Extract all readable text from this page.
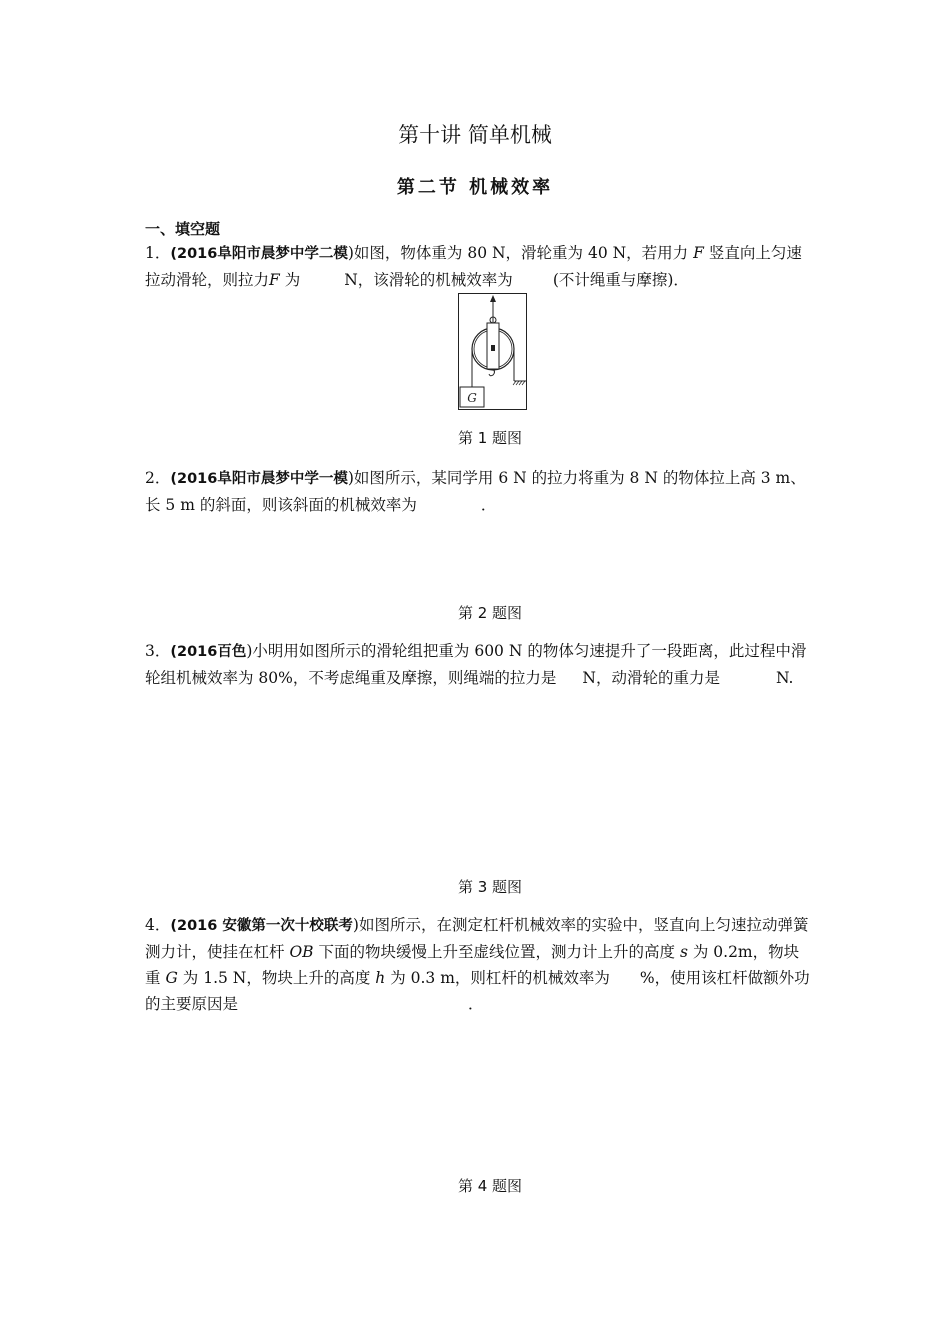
第十讲 简单机械
第二节 机械效率
一、填空题
1．(2016阜阳市晨梦中学二模)如图，物体重为 80 N，滑轮重为 40 N，若用力 F 竖直向上匀速拉动滑轮，则拉力F 为	N，该滑轮的机械效率为	(不计绳重与摩擦)．
G
第 1 题图
2．(2016阜阳市晨梦中学一模)如图所示，某同学用 6 N 的拉力将重为 8 N 的物体拉上高 3 m、长 5 m 的斜面，则该斜面的机械效率为	．
第 2 题图
3．(2016百色)小明用如图所示的滑轮组把重为 600 N 的物体匀速提升了一段距离，此过程中滑轮组机械效率为 80%，不考虑绳重及摩擦，则绳端的拉力是 N，动滑轮的重力是	N.
第 3 题图
4．(2016 安徽第一次十校联考)如图所示，在测定杠杆机械效率的实验中，竖直向上匀速拉动弹簧测力计，使挂在杠杆 OB 下面的物块缓慢上升至虚线位置，测力计上升的高度 s 为 0.2m，物块重 G 为 1.5 N，物块上升的高度 h 为 0.3 m，则杠杆的机械效率为 %，使用该杠杆做额外功的主要原因是	．
第 4 题图
